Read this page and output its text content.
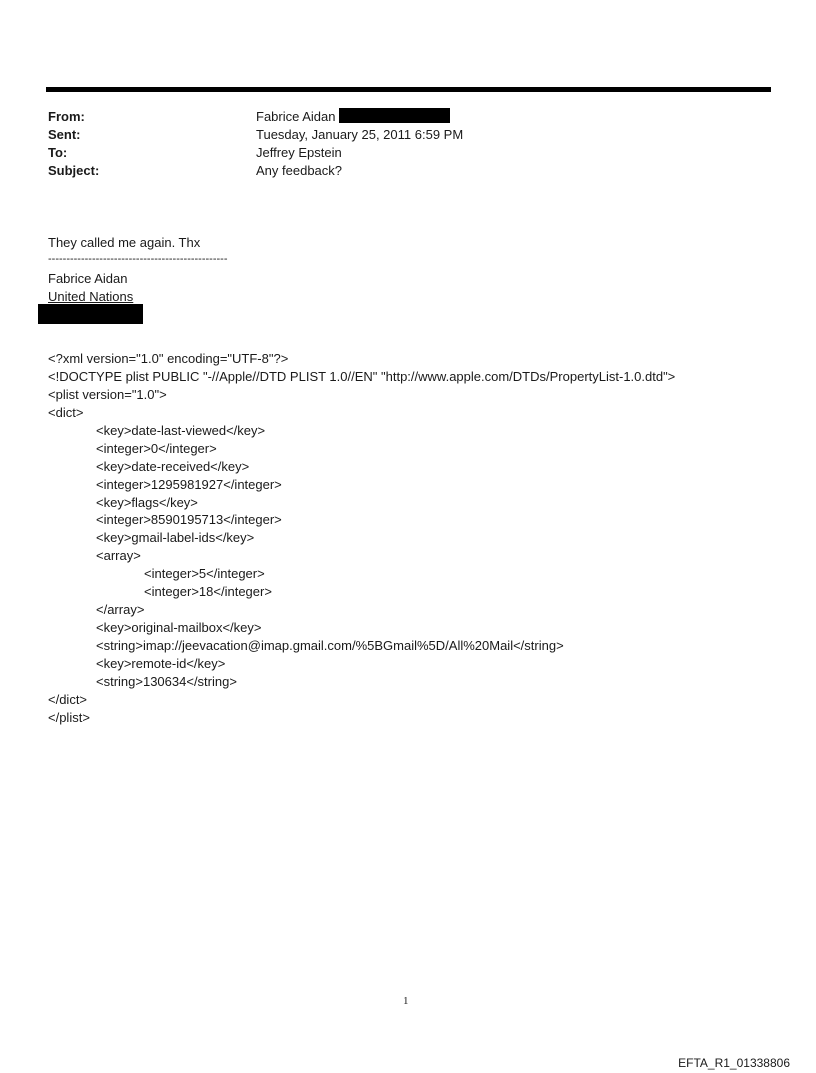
From:	Fabrice Aidan
Sent:	Tuesday, January 25, 2011 6:59 PM
To:	Jeffrey Epstein
Subject:	Any feedback?
They called me again. Thx
-------------------------------------------------
Fabrice Aidan
United Nations
<?xml version="1.0" encoding="UTF-8"?>
<!DOCTYPE plist PUBLIC "-//Apple//DTD PLIST 1.0//EN" "http://www.apple.com/DTDs/PropertyList-1.0.dtd">
<plist version="1.0">
<dict>
<key>date-last-viewed</key>
<integer>0</integer>
<key>date-received</key>
<integer>1295981927</integer>
<key>flags</key>
<integer>8590195713</integer>
<key>gmail-label-ids</key>
<array>
<integer>5</integer>
<integer>18</integer>
</array>
<key>original-mailbox</key>
<string>imap://jeevacation@imap.gmail.com/%5BGmail%5D/All%20Mail</string>
<key>remote-id</key>
<string>130634</string>
</dict>
</plist>
1
EFTA_R1_01338806
